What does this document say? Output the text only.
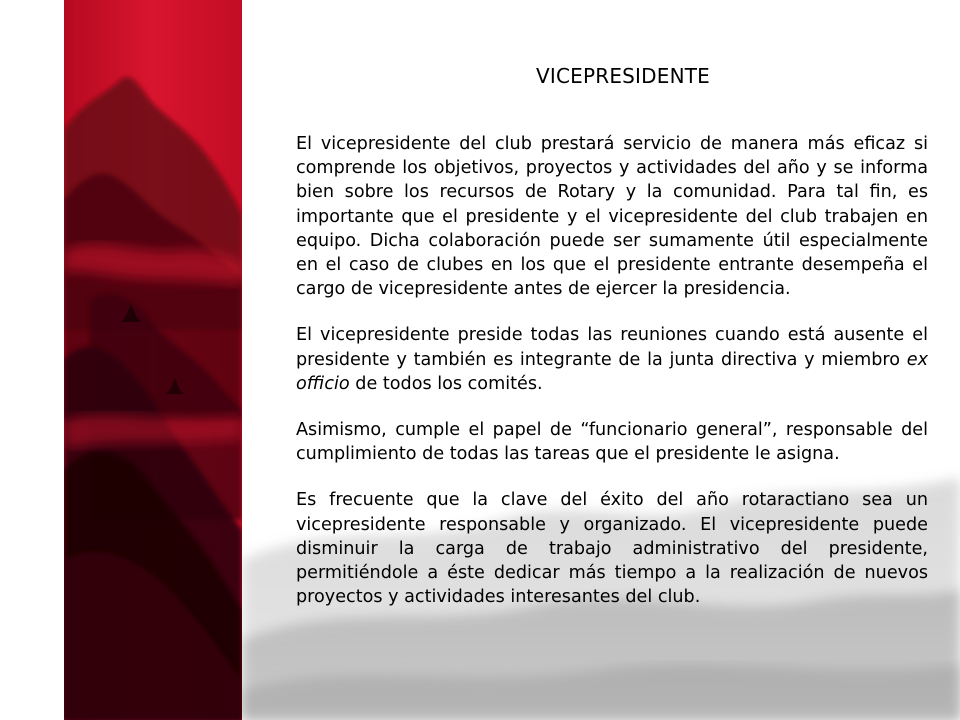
VICEPRESIDENTE

El vicepresidente del club prestará servicio de manera más eficaz si comprende los objetivos, proyectos y actividades del año y se informa bien sobre los recursos de Rotary y la comunidad. Para tal fin, es importante que el presidente y el vicepresidente del club trabajen en equipo. Dicha colaboración puede ser sumamente útil especialmente en el caso de clubes en los que el presidente entrante desempeña el cargo de vicepresidente antes de ejercer la presidencia.

El vicepresidente preside todas las reuniones cuando está ausente el presidente y también es integrante de la junta directiva y miembro ex officio de todos los comités.

Asimismo, cumple el papel de “funcionario general”, responsable del cumplimiento de todas las tareas que el presidente le asigna.

Es frecuente que la clave del éxito del año rotaractiano sea un vicepresidente responsable y organizado. El vicepresidente puede disminuir la carga de trabajo administrativo del presidente, permitiéndole a éste dedicar más tiempo a la realización de nuevos proyectos y actividades interesantes del club.
